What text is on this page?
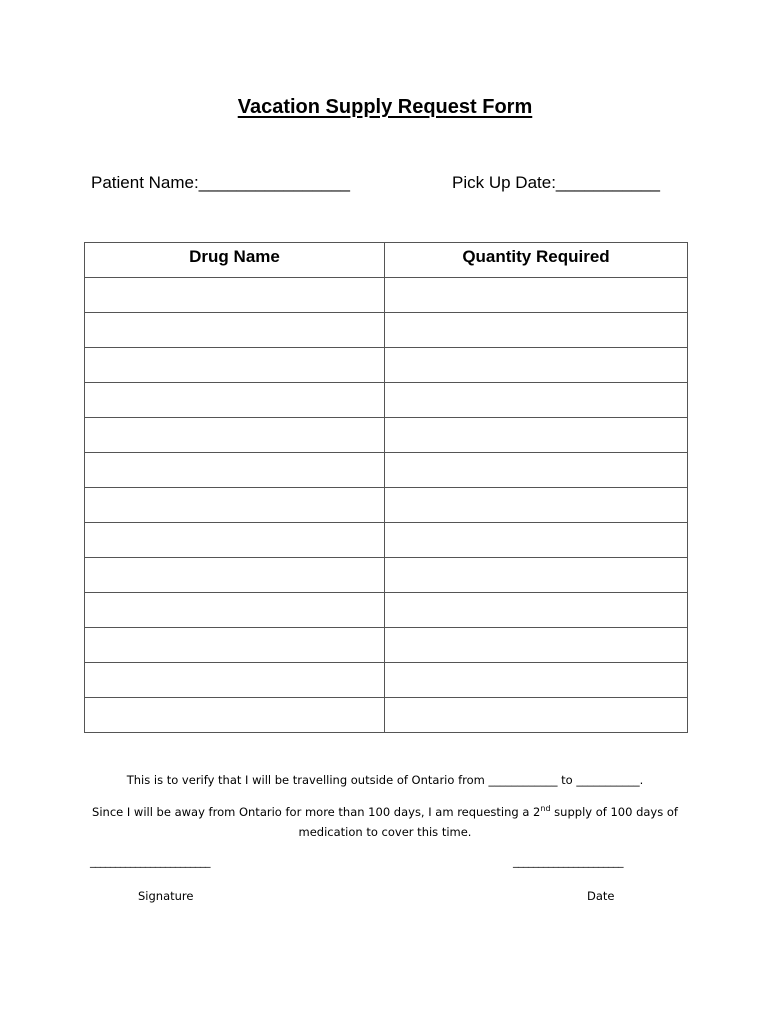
Vacation Supply Request Form
Patient Name:________________	Pick Up Date:___________
Drug Name	Quantity Required

This is to verify that I will be travelling outside of Ontario from ____________ to ___________.
Since I will be away from Ontario for more than 100 days, I am requesting a 2nd supply of 100 days of
medication to cover this time.
________________________	______________________
Signature	Date
